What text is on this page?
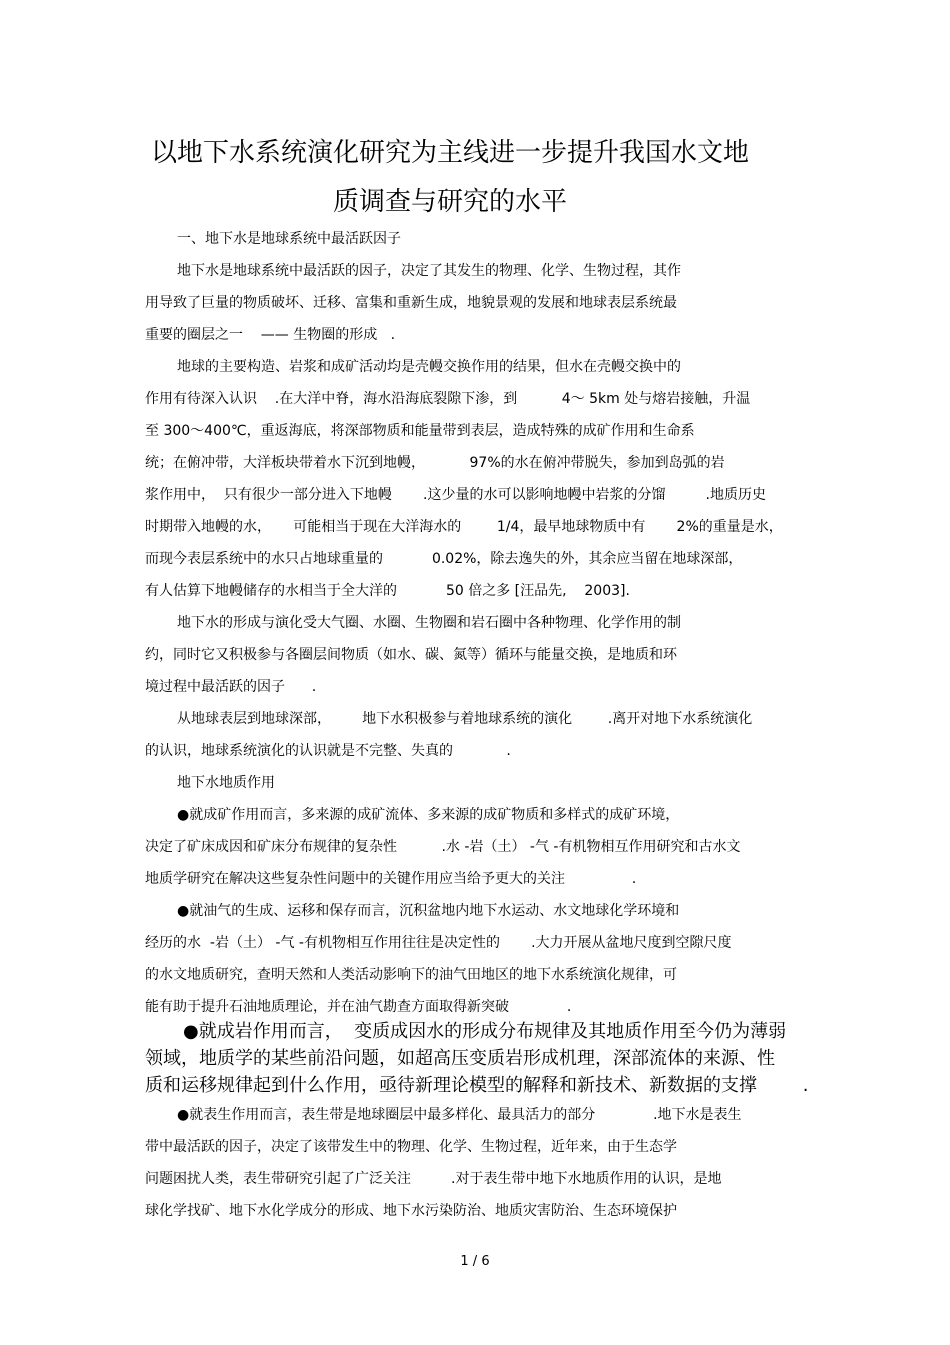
以地下水系统演化研究为主线进一步提升我国水文地
质调查与研究的水平
一、地下水是地球系统中最活跃因子
地下水是地球系统中最活跃的因子，决定了其发生的物理、化学、生物过程，其作
用导致了巨量的物质破坏、迁移、富集和重新生成，地貌景观的发展和地球表层系统最
重要的圈层之一    —— 生物圈的形成   .
地球的主要构造、岩浆和成矿活动均是壳幔交换作用的结果，但水在壳幔交换中的
作用有待深入认识    .在大洋中脊，海水沿海底裂隙下渗，到          4～ 5km 处与熔岩接触，升温
至 300～400℃，重返海底，将深部物质和能量带到表层，造成特殊的成矿作用和生命系
统；在俯冲带，大洋板块带着水下沉到地幔，          97%的水在俯冲带脱失，参加到岛弧的岩
浆作用中，  只有很少一部分进入下地幔       .这少量的水可以影响地幔中岩浆的分馏         .地质历史
时期带入地幔的水，     可能相当于现在大洋海水的        1/4，最早地球物质中有       2%的重量是水，
而现今表层系统中的水只占地球重量的           0.02%，除去逸失的外，其余应当留在地球深部，
有人估算下地幔储存的水相当于全大洋的           50 倍之多 [汪品先,    2003].
地下水的形成与演化受大气圈、水圈、生物圈和岩石圈中各种物理、化学作用的制
约，同时它又积极参与各圈层间物质（如水、碳、氮等）循环与能量交换，是地质和环
境过程中最活跃的因子      .
从地球表层到地球深部，       地下水积极参与着地球系统的演化        .离开对地下水系统演化
的认识，地球系统演化的认识就是不完整、失真的            .
地下水地质作用
●就成矿作用而言，多来源的成矿流体、多来源的成矿物质和多样式的成矿环境，
决定了矿床成因和矿床分布规律的复杂性          .水 -岩（土） -气 -有机物相互作用研究和古水文
地质学研究在解决这些复杂性问题中的关键作用应当给予更大的关注               .
●就油气的生成、运移和保存而言，沉积盆地内地下水运动、水文地球化学环境和
经历的水  -岩（土） -气 -有机物相互作用往往是决定性的       .大力开展从盆地尺度到空隙尺度
的水文地质研究，查明天然和人类活动影响下的油气田地区的地下水系统演化规律，可
能有助于提升石油地质理论，并在油气勘查方面取得新突破             .
●就成岩作用而言，  变质成因水的形成分布规律及其地质作用至今仍为薄弱
领域，地质学的某些前沿问题，如超高压变质岩形成机理，深部流体的来源、性
质和运移规律起到什么作用，亟待新理论模型的解释和新技术、新数据的支撑        .
●就表生作用而言，表生带是地球圈层中最多样化、最具活力的部分             .地下水是表生
带中最活跃的因子，决定了该带发生中的物理、化学、生物过程，近年来，由于生态学
问题困扰人类，表生带研究引起了广泛关注         .对于表生带中地下水地质作用的认识，是地
球化学找矿、地下水化学成分的形成、地下水污染防治、地质灾害防治、生态环境保护
1 / 6
